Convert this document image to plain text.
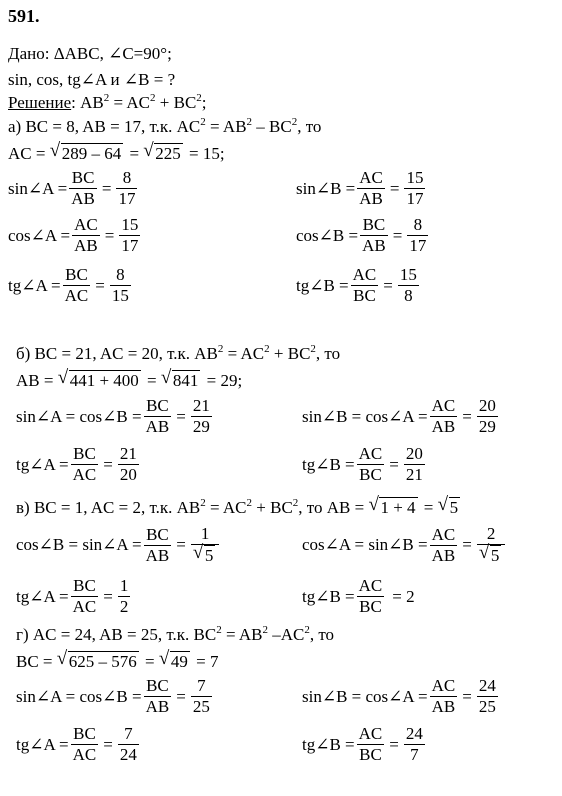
591.
Дано: ΔABC, ∠C=90°;
sin, cos, tg∠A и ∠B = ?
Решение: $AB^2 = AC^2 + BC^2$;
а) BC = 8, AB = 17, т.к. $AC^2 = AB^2 - BC^2$, то
AC = √ 289 – 64 = √ 225 = 15;
sin∠A = $\frac{BC}{AB} = \frac{8}{17}$
cos∠A = $\frac{AC}{AB} = \frac{15}{17}$
tg∠A = $\frac{BC}{AC} = \frac{8}{15}$
sin∠B = $\frac{AC}{AB} = \frac{15}{17}$
cos∠B = $\frac{BC}{AB} = \frac{8}{17}$
tg∠B = $\frac{AC}{BC} = \frac{15}{8}$
б) BC = 21, AC = 20, т.к. $AB^2 = AC^2 + BC^2$, то
AB = √ 441 + 400 = √ 841 = 29;
sin∠A = cos∠B = $\frac{BC}{AB} = \frac{21}{29}$
tg∠A = $\frac{BC}{AC} = \frac{21}{20}$
sin∠B = cos∠A = $\frac{AC}{AB} = \frac{20}{29}$
tg∠B = $\frac{AC}{BC} = \frac{20}{21}$
в) BC = 1, AC = 2, т.к. $AB^2 = AC^2 + BC^2$, то AB = √ 1 + 4 = √ 5
cos∠B = sin∠A = $\frac{BC}{AB} = \frac{1}{√ 5}$
tg∠A = $\frac{BC}{AC} = \frac{1}{2}$
cos∠A = sin∠B = $\frac{AC}{AB} = \frac{2}{√ 5}$
tg∠B = $\frac{AC}{BC} = 2$
г) AC = 24, AB = 25, т.к. $BC^2 = AB^2$ $-AC^2$, то
BC = √ 625 – 576 = √ 49 = 7
sin∠A = cos∠B = $\frac{BC}{AB} = \frac{7}{25}$
tg∠A = $\frac{BC}{AC} = \frac{7}{24}$
sin∠B = cos∠A = $\frac{AC}{AB} = \frac{24}{25}$
tg∠B = $\frac{AC}{BC} = \frac{24}{7}$
